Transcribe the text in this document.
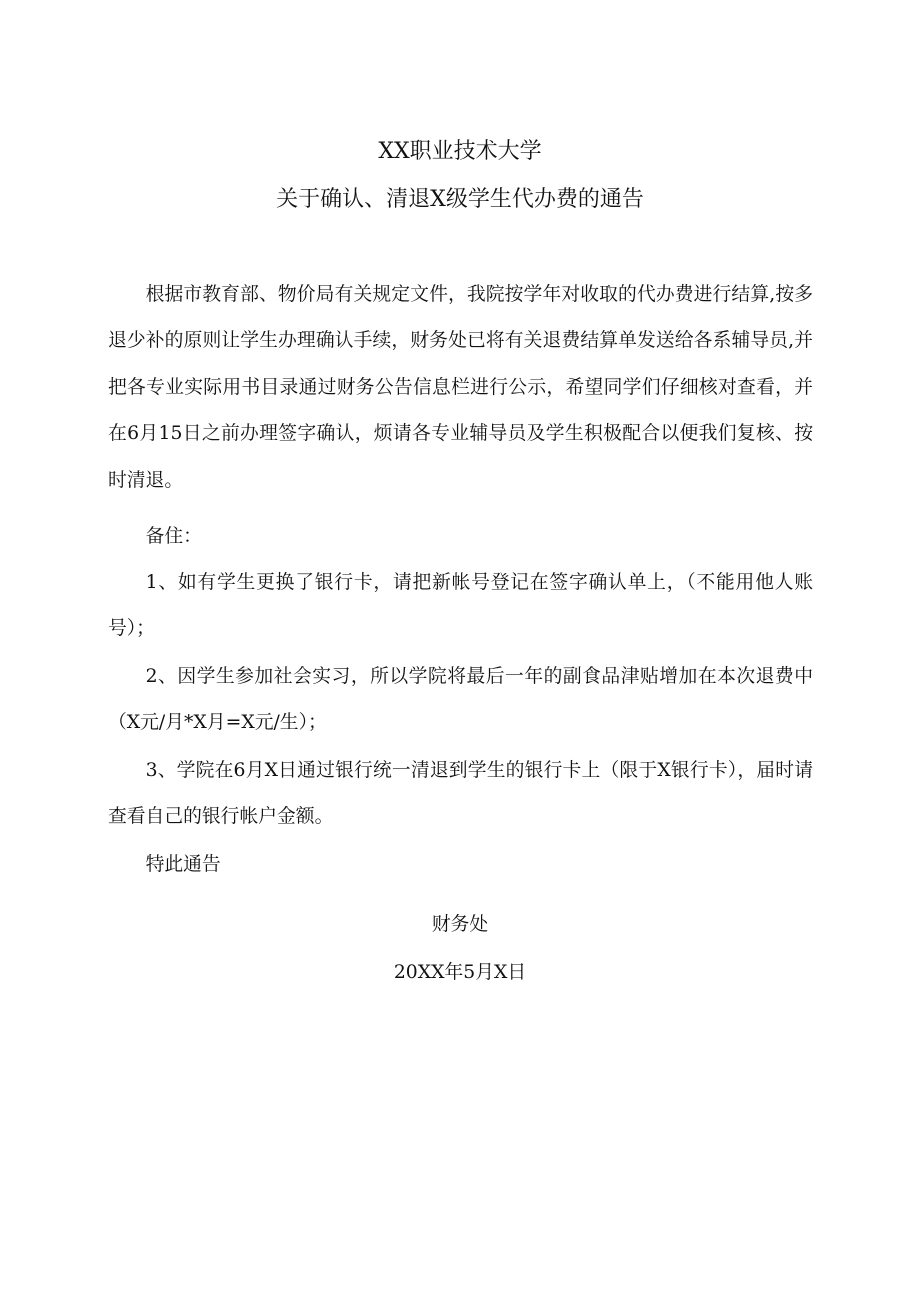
XX职业技术大学
关于确认、清退X级学生代办费的通告

根据市教育部、物价局有关规定文件，我院按学年对收取的代办费进行结算,按多退少补的原则让学生办理确认手续，财务处已将有关退费结算单发送给各系辅导员,并把各专业实际用书目录通过财务公告信息栏进行公示，希望同学们仔细核对查看，并在6月15日之前办理签字确认，烦请各专业辅导员及学生积极配合以便我们复核、按时清退。

备住：

1、如有学生更换了银行卡，请把新帐号登记在签字确认单上，（不能用他人账号）；

2、因学生参加社会实习，所以学院将最后一年的副食品津贴增加在本次退费中（X元/月*X月=X元/生）；

3、学院在6月X日通过银行统一清退到学生的银行卡上（限于X银行卡），届时请查看自己的银行帐户金额。

特此通告

财务处
20XX年5月X日
